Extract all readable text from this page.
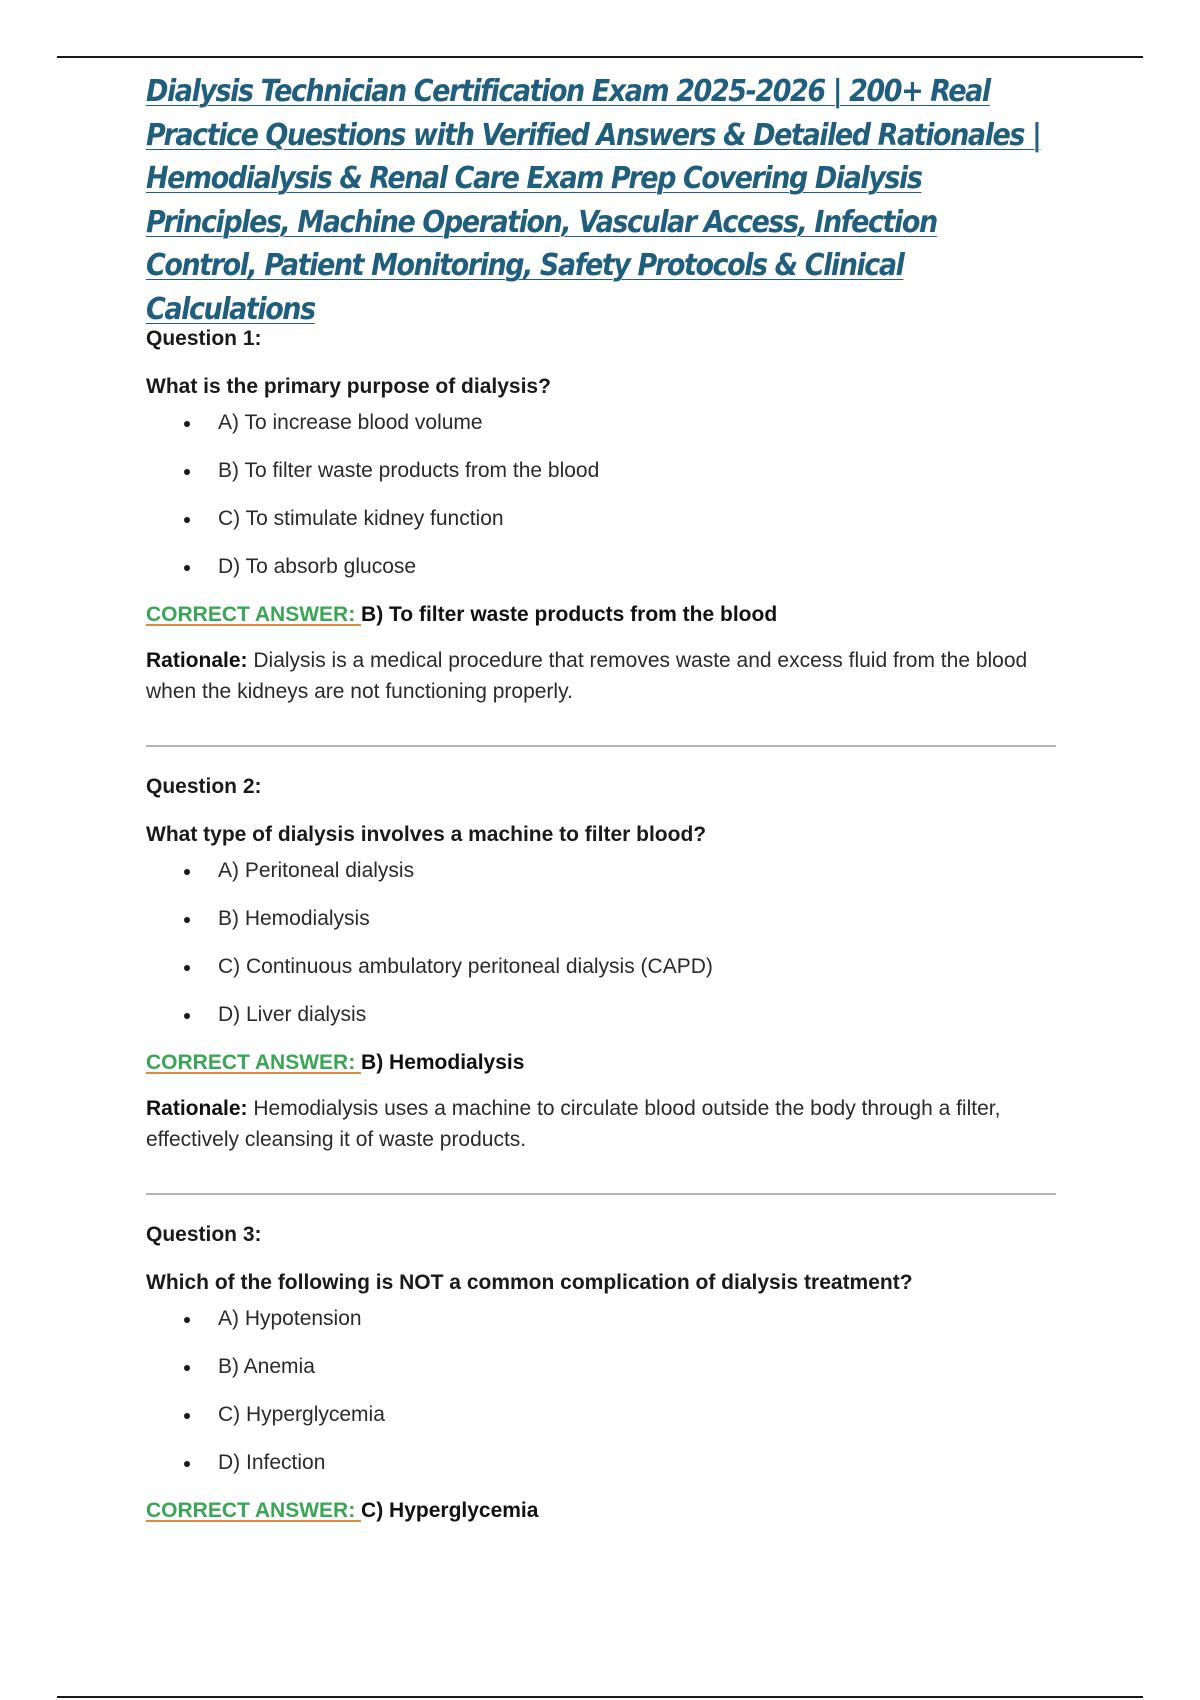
Dialysis Technician Certification Exam 2025-2026 | 200+ Real Practice Questions with Verified Answers & Detailed Rationales | Hemodialysis & Renal Care Exam Prep Covering Dialysis Principles, Machine Operation, Vascular Access, Infection Control, Patient Monitoring, Safety Protocols & Clinical Calculations

Question 1:

What is the primary purpose of dialysis?

A) To increase blood volume
B) To filter waste products from the blood
C) To stimulate kidney function
D) To absorb glucose

CORRECT ANSWER: B) To filter waste products from the blood

Rationale: Dialysis is a medical procedure that removes waste and excess fluid from the blood when the kidneys are not functioning properly.

Question 2:

What type of dialysis involves a machine to filter blood?

A) Peritoneal dialysis
B) Hemodialysis
C) Continuous ambulatory peritoneal dialysis (CAPD)
D) Liver dialysis

CORRECT ANSWER: B) Hemodialysis

Rationale: Hemodialysis uses a machine to circulate blood outside the body through a filter, effectively cleansing it of waste products.

Question 3:

Which of the following is NOT a common complication of dialysis treatment?

A) Hypotension
B) Anemia
C) Hyperglycemia
D) Infection

CORRECT ANSWER: C) Hyperglycemia
